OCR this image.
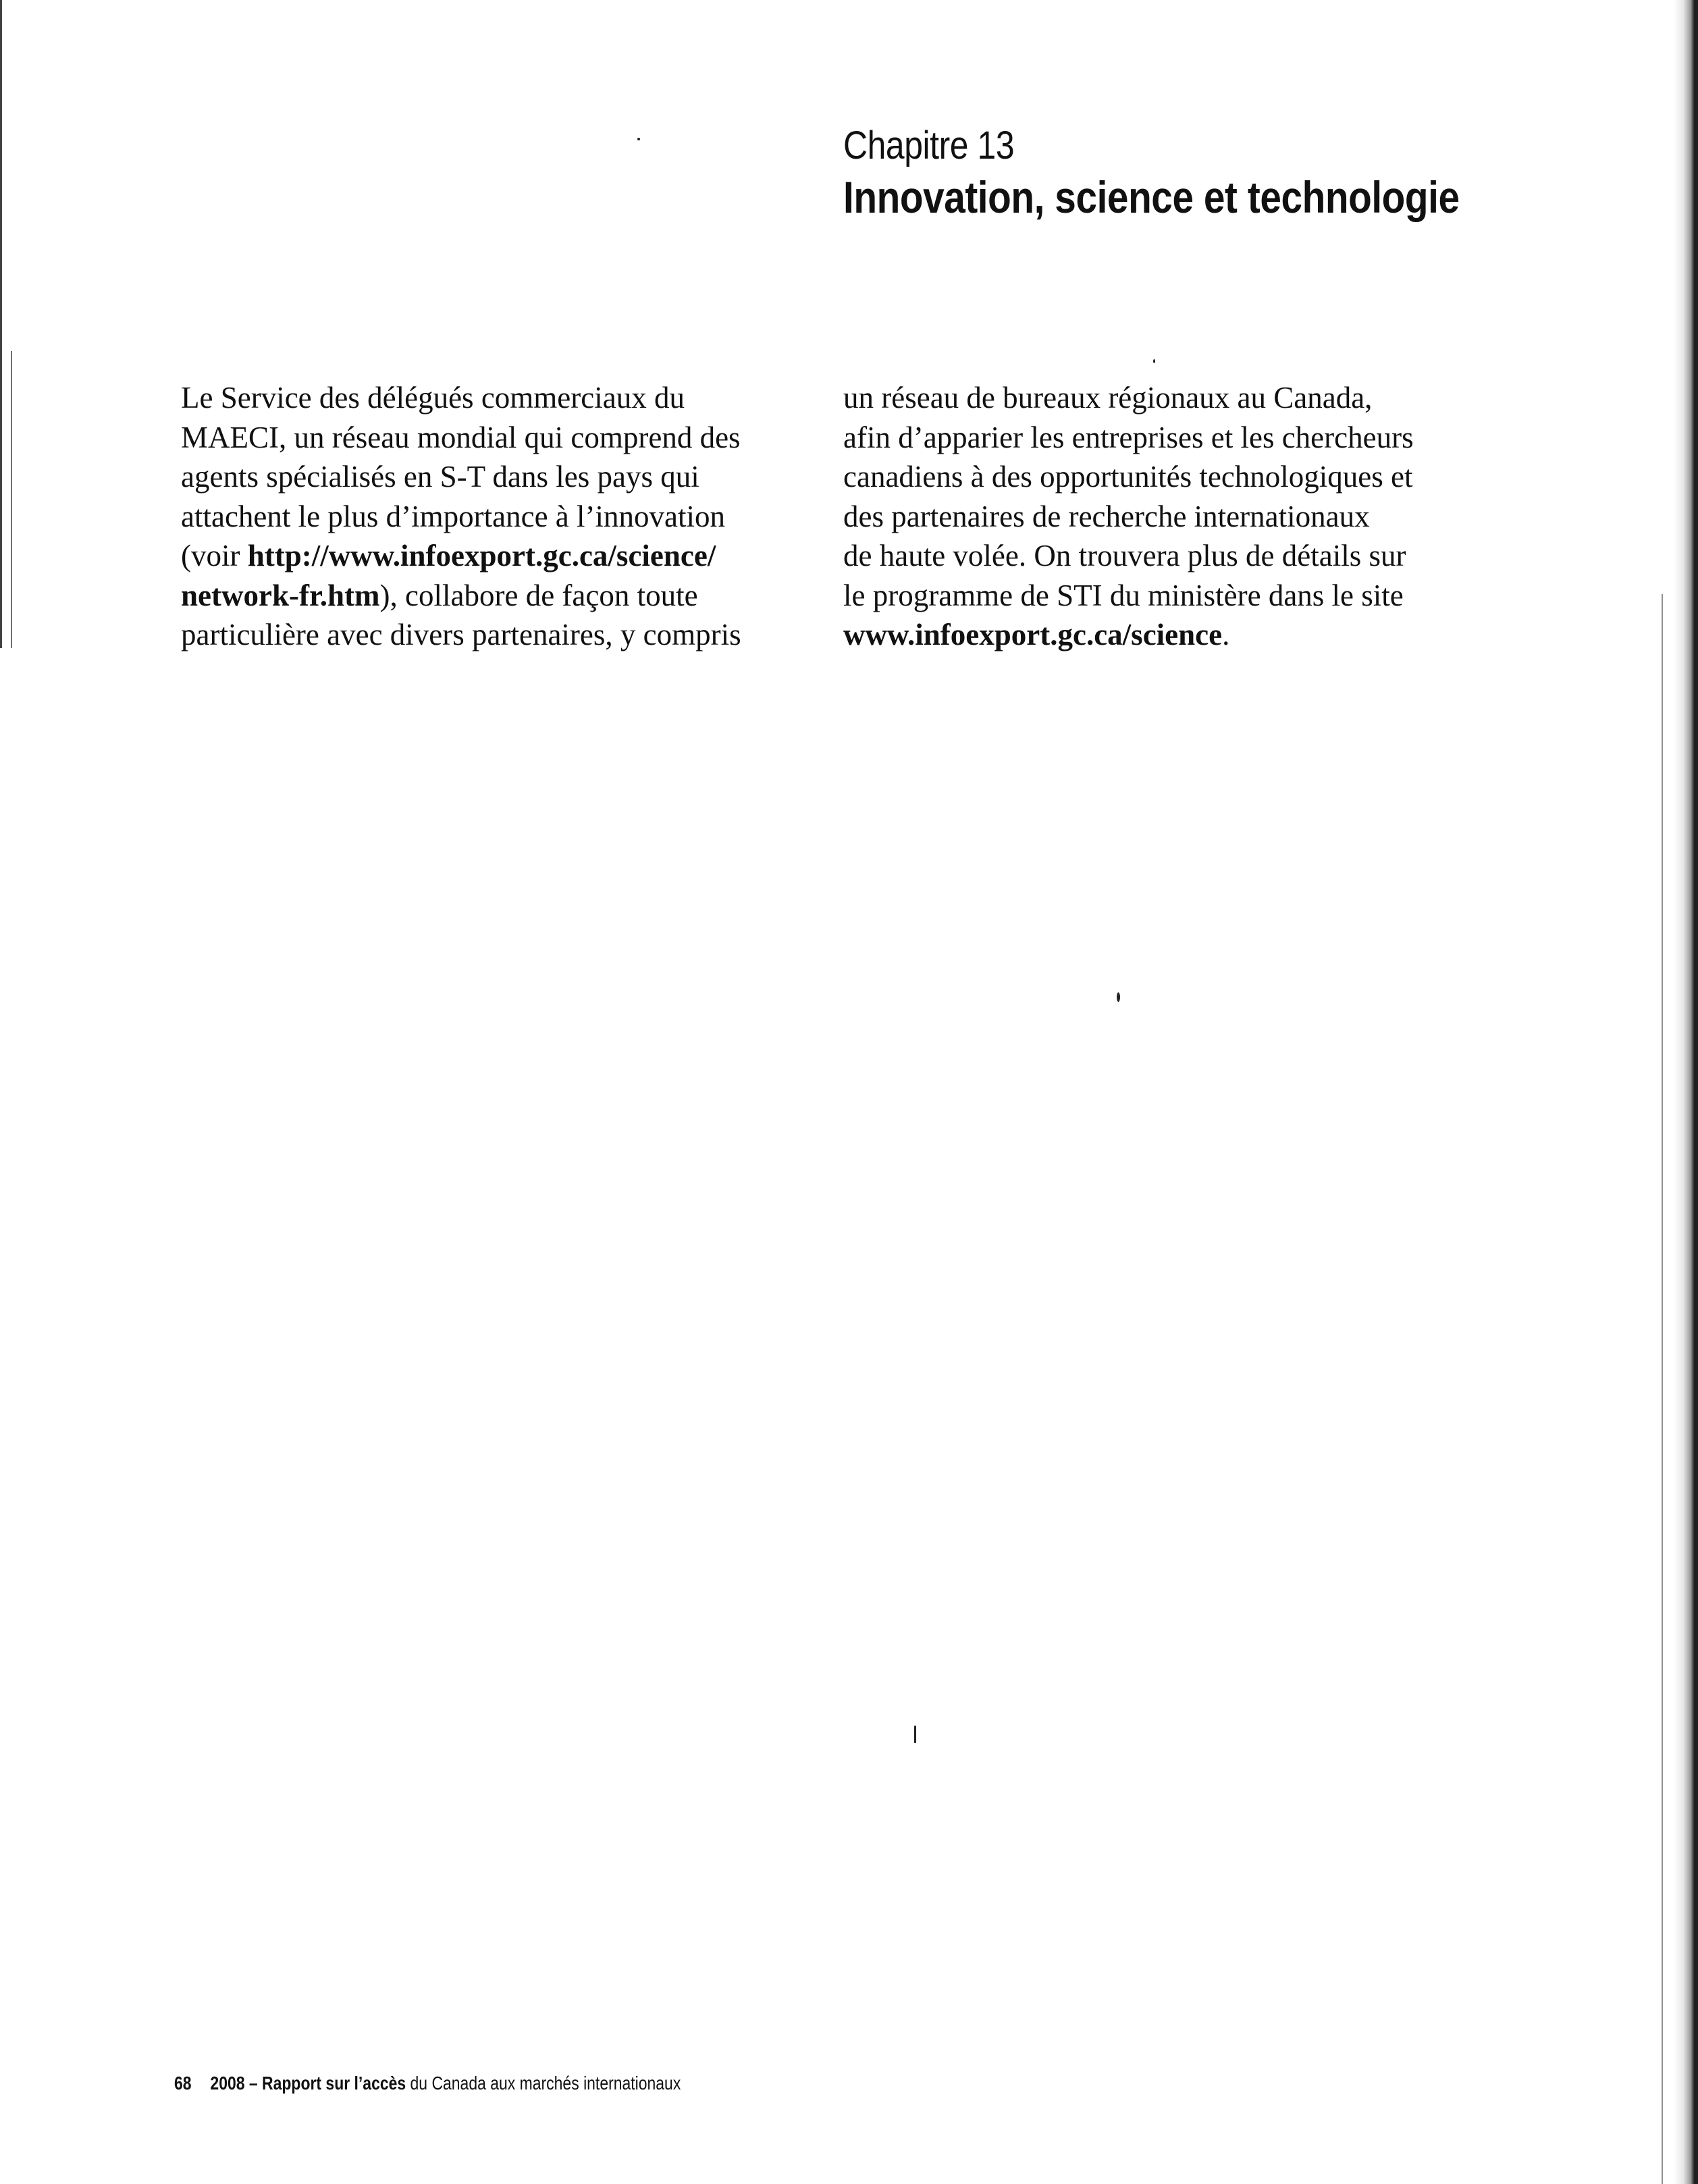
Chapitre 13
Innovation, science et technologie
Le Service des délégués commerciaux du
MAECI, un réseau mondial qui comprend des
agents spécialisés en S-T dans les pays qui
attachent le plus d’importance à l’innovation
(voir http://www.infoexport.gc.ca/science/
network-fr.htm), collabore de façon toute
particulière avec divers partenaires, y compris
un réseau de bureaux régionaux au Canada,
afin d’apparier les entreprises et les chercheurs
canadiens à des opportunités technologiques et
des partenaires de recherche internationaux
de haute volée. On trouvera plus de détails sur
le programme de STI du ministère dans le site
www.infoexport.gc.ca/science.
68 2008 – Rapport sur l’accès du Canada aux marchés internationaux
